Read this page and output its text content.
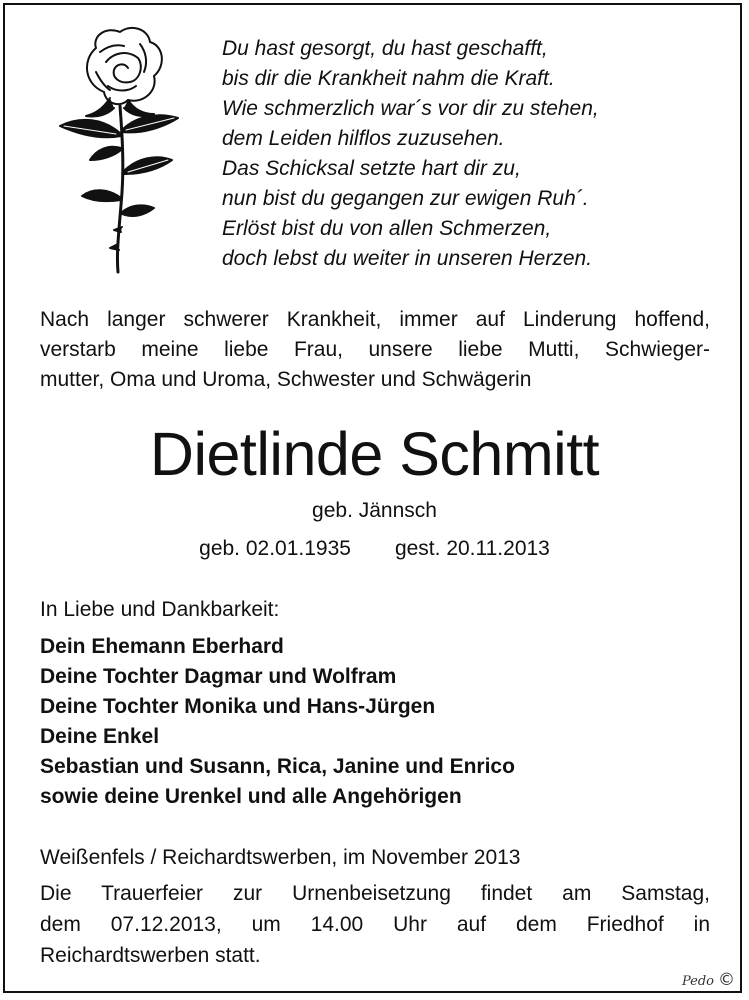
Du hast gesorgt, du hast geschafft,
bis dir die Krankheit nahm die Kraft.
Wie schmerzlich war´s vor dir zu stehen,
dem Leiden hilflos zuzusehen.
Das Schicksal setzte hart dir zu,
nun bist du gegangen zur ewigen Ruh´.
Erlöst bist du von allen Schmerzen,
doch lebst du weiter in unseren Herzen.
Nach langer schwerer Krankheit, immer auf Linderung hoffend,
verstarb meine liebe Frau, unsere liebe Mutti, Schwieger-
mutter, Oma und Uroma, Schwester und Schwägerin
Dietlinde Schmitt
geb. Jännsch
geb. 02.01.1935 gest. 20.11.2013
In Liebe und Dankbarkeit:
Dein Ehemann Eberhard
Deine Tochter Dagmar und Wolfram
Deine Tochter Monika und Hans-Jürgen
Deine Enkel
Sebastian und Susann, Rica, Janine und Enrico
sowie deine Urenkel und alle Angehörigen
Weißenfels / Reichardtswerben, im November 2013
Die Trauerfeier zur Urnenbeisetzung findet am Samstag,
dem 07.12.2013, um 14.00 Uhr auf dem Friedhof in
Reichardtswerben statt.
Pedo ©
